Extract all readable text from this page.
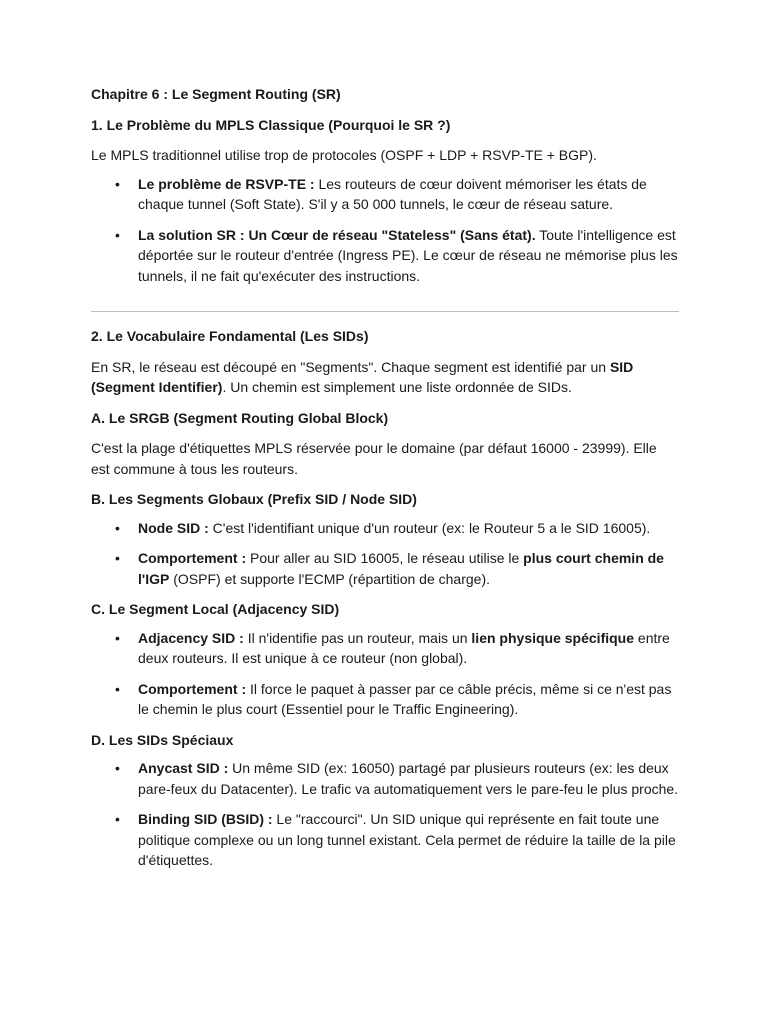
Chapitre 6 : Le Segment Routing (SR)

1. Le Problème du MPLS Classique (Pourquoi le SR ?)

Le MPLS traditionnel utilise trop de protocoles (OSPF + LDP + RSVP-TE + BGP).

• Le problème de RSVP-TE : Les routeurs de cœur doivent mémoriser les états de chaque tunnel (Soft State). S'il y a 50 000 tunnels, le cœur de réseau sature.
• La solution SR : Un Cœur de réseau "Stateless" (Sans état). Toute l'intelligence est déportée sur le routeur d'entrée (Ingress PE). Le cœur de réseau ne mémorise plus les tunnels, il ne fait qu'exécuter des instructions.

2. Le Vocabulaire Fondamental (Les SIDs)

En SR, le réseau est découpé en "Segments". Chaque segment est identifié par un SID (Segment Identifier). Un chemin est simplement une liste ordonnée de SIDs.

A. Le SRGB (Segment Routing Global Block)

C'est la plage d'étiquettes MPLS réservée pour le domaine (par défaut 16000 - 23999). Elle est commune à tous les routeurs.

B. Les Segments Globaux (Prefix SID / Node SID)

• Node SID : C'est l'identifiant unique d'un routeur (ex: le Routeur 5 a le SID 16005).
• Comportement : Pour aller au SID 16005, le réseau utilise le plus court chemin de l'IGP (OSPF) et supporte l'ECMP (répartition de charge).

C. Le Segment Local (Adjacency SID)

• Adjacency SID : Il n'identifie pas un routeur, mais un lien physique spécifique entre deux routeurs. Il est unique à ce routeur (non global).
• Comportement : Il force le paquet à passer par ce câble précis, même si ce n'est pas le chemin le plus court (Essentiel pour le Traffic Engineering).

D. Les SIDs Spéciaux

• Anycast SID : Un même SID (ex: 16050) partagé par plusieurs routeurs (ex: les deux pare-feux du Datacenter). Le trafic va automatiquement vers le pare-feu le plus proche.
• Binding SID (BSID) : Le "raccourci". Un SID unique qui représente en fait toute une politique complexe ou un long tunnel existant. Cela permet de réduire la taille de la pile d'étiquettes.
